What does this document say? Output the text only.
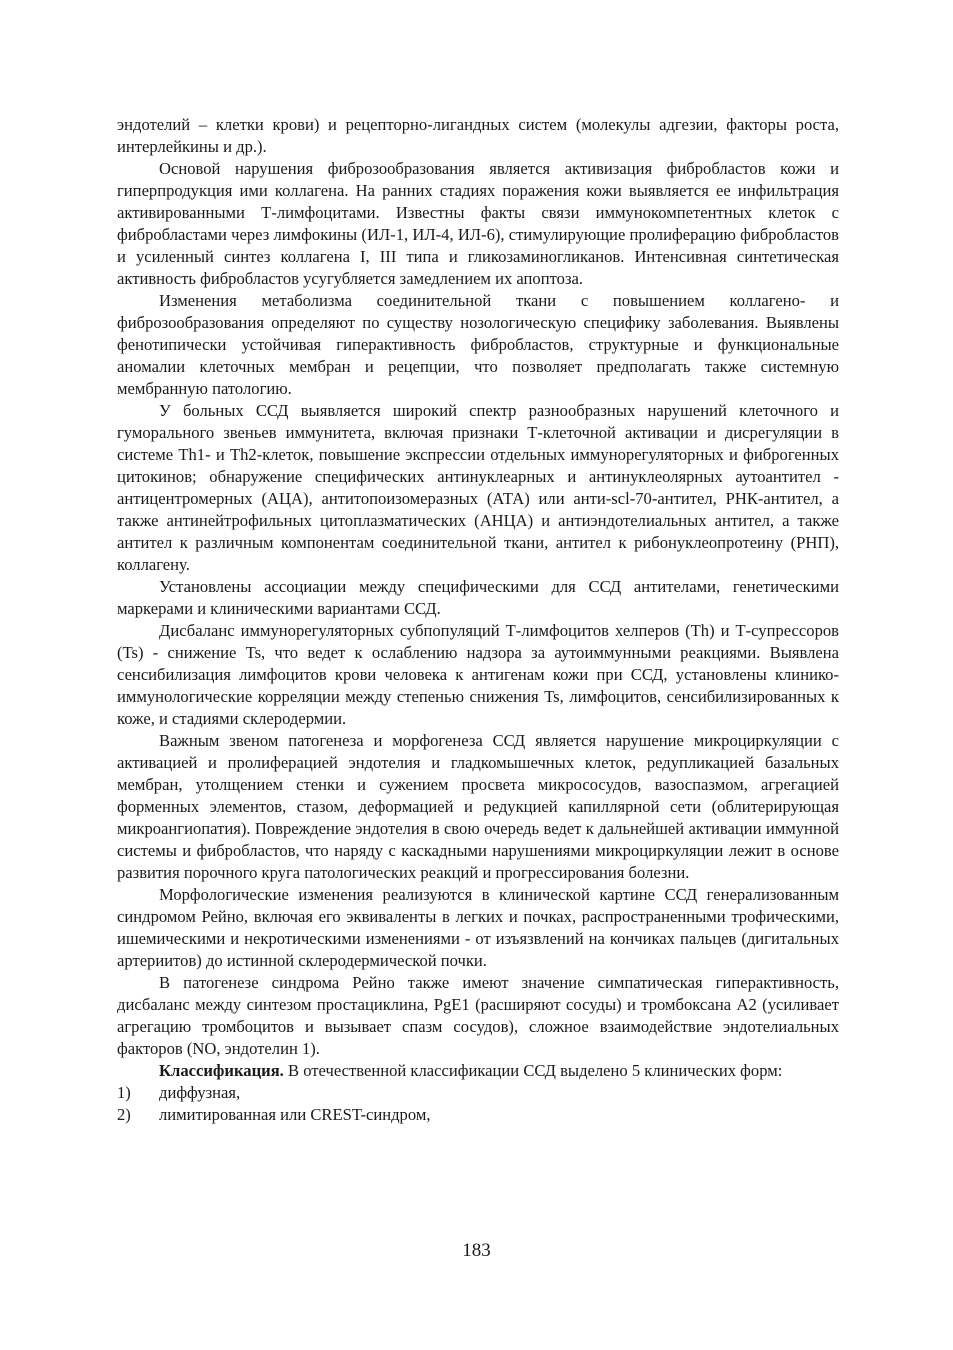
эндотелий – клетки крови) и рецепторно-лигандных систем (молекулы адгезии, факторы роста, интерлейкины и др.).

Основой нарушения фиброзообразования является активизация фибробластов кожи и гиперпродукция ими коллагена. На ранних стадиях поражения кожи выявляется ее инфильтрация активированными Т-лимфоцитами. Известны факты связи иммунокомпетентных клеток с фибробластами через лимфокины (ИЛ-1, ИЛ-4, ИЛ-6), стимулирующие пролиферацию фибробластов и усиленный синтез коллагена I, III типа и гликозаминогликанов. Интенсивная синтетическая активность фибробластов усугубляется замедлением их апоптоза.

Изменения метаболизма соединительной ткани с повышением коллагено- и фиброзообразования определяют по существу нозологическую специфику заболевания. Выявлены фенотипически устойчивая гиперактивность фибробластов, структурные и функциональные аномалии клеточных мембран и рецепции, что позволяет предполагать также системную мембранную патологию.

У больных ССД выявляется широкий спектр разнообразных нарушений клеточного и гуморального звеньев иммунитета, включая признаки Т-клеточной активации и дисрегуляции в системе Th1- и Th2-клеток, повышение экспрессии отдельных иммунорегуляторных и фиброгенных цитокинов; обнаружение специфических антинуклеарных и антинуклеолярных аутоантител - антицентромерных (АЦА), антитопоизомеразных (АТА) или анти-scl-70-антител, РНК-антител, а также антинейтрофильных цитоплазматических (АНЦА) и антиэндотелиальных антител, а также антител к различным компонентам соединительной ткани, антител к рибонуклеопротеину (РНП), коллагену.

Установлены ассоциации между специфическими для ССД антителами, генетическими маркерами и клиническими вариантами ССД.

Дисбаланс иммунорегуляторных субпопуляций Т-лимфоцитов хелперов (Th) и Т-супрессоров (Ts) - снижение Ts, что ведет к ослаблению надзора за аутоиммунными реакциями. Выявлена сенсибилизация лимфоцитов крови человека к антигенам кожи при ССД, установлены клинико-иммунологические корреляции между степенью снижения Ts, лимфоцитов, сенсибилизированных к коже, и стадиями склеродермии.

Важным звеном патогенеза и морфогенеза ССД является нарушение микроциркуляции с активацией и пролиферацией эндотелия и гладкомышечных клеток, редупликацией базальных мембран, утолщением стенки и сужением просвета микрососудов, вазоспазмом, агрегацией форменных элементов, стазом, деформацией и редукцией капиллярной сети (облитерирующая микроангиопатия). Повреждение эндотелия в свою очередь ведет к дальнейшей активации иммунной системы и фибробластов, что наряду с каскадными нарушениями микроциркуляции лежит в основе развития порочного круга патологических реакций и прогрессирования болезни.

Морфологические изменения реализуются в клинической картине ССД генерализованным синдромом Рейно, включая его эквиваленты в легких и почках, распространенными трофическими, ишемическими и некротическими изменениями - от изъязвлений на кончиках пальцев (дигитальных артериитов) до истинной склеродермической почки.

В патогенезе синдрома Рейно также имеют значение симпатическая гиперактивность, дисбаланс между синтезом простациклина, PgE1 (расширяют сосуды) и тромбоксана А2 (усиливает агрегацию тромбоцитов и вызывает спазм сосудов), сложное взаимодействие эндотелиальных факторов (NO, эндотелин 1).

Классификация. В отечественной классификации ССД выделено 5 клинических форм:

1)	диффузная,
2)	лимитированная или CREST-синдром,
183
